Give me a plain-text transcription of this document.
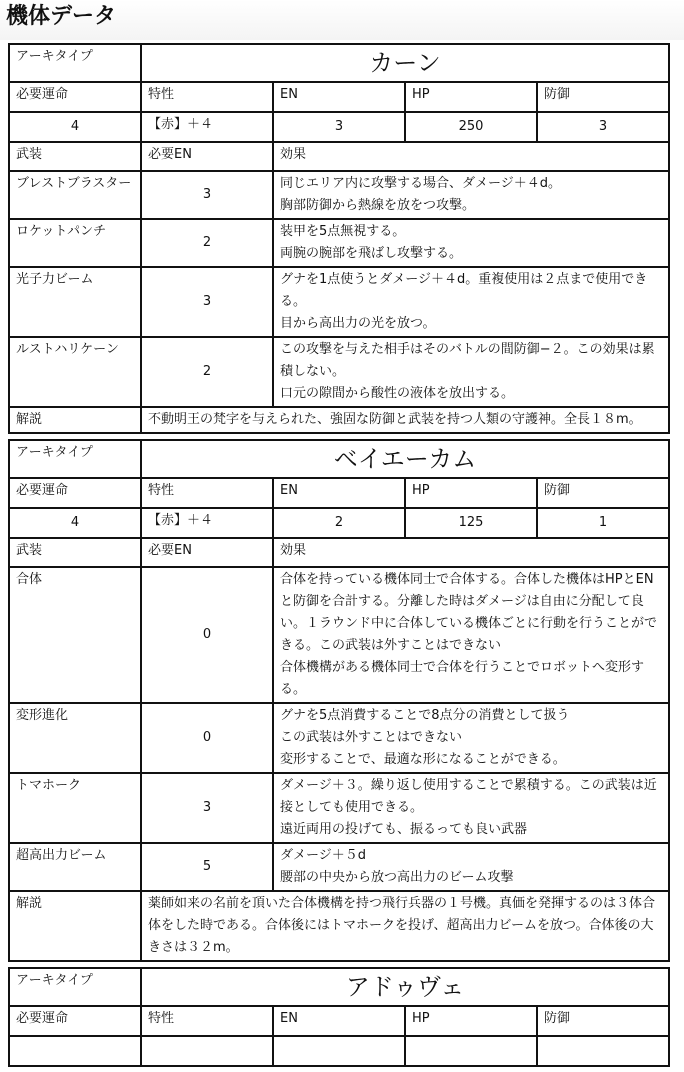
機体データ
アーキタイプ	カーン			
必要運命	特性	EN	HP	防御
4	【赤】＋４	3	250	3
武装	必要EN	効果		
ブレストブラスター	3	同じエリア内に攻撃する場合、ダメージ＋４d。
胸部防御から熱線を放をつ攻撃。		
ロケットパンチ	2	装甲を5点無視する。
両腕の腕部を飛ばし攻撃する。		
光子力ビーム	3	グナを1点使うとダメージ＋４d。重複使用は２点まで使用できる。
目から高出力の光を放つ。		
ルストハリケーン	2	この攻撃を与えた相手はそのバトルの間防御−２。この効果は累積しない。
口元の隙間から酸性の液体を放出する。		
解説	不動明王の梵字を与えられた、強固な防御と武装を持つ人類の守護神。全長１８m。			
アーキタイプ	ベイエーカム			
必要運命	特性	EN	HP	防御
4	【赤】＋４	2	125	1
武装	必要EN	効果		
合体	0	合体を持っている機体同士で合体する。合体した機体はHPとENと防御を合計する。分離した時はダメージは自由に分配して良い。１ラウンド中に合体している機体ごとに行動を行うことができる。この武装は外すことはできない
合体機構がある機体同士で合体を行うことでロボットへ変形する。		
変形進化	0	グナを5点消費することで8点分の消費として扱う
この武装は外すことはできない
変形することで、最適な形になることができる。		
トマホーク	3	ダメージ＋３。繰り返し使用することで累積する。この武装は近接としても使用できる。
遠近両用の投げても、振るっても良い武器		
超高出力ビーム	5	ダメージ＋５d
腰部の中央から放つ高出力のビーム攻撃		
解説	薬師如来の名前を頂いた合体機構を持つ飛行兵器の１号機。真価を発揮するのは３体合体をした時である。合体後にはトマホークを投げ、超高出力ビームを放つ。合体後の大きさは３２m。			
アーキタイプ	アドゥヴェ			
必要運命	特性	EN	HP	防御
